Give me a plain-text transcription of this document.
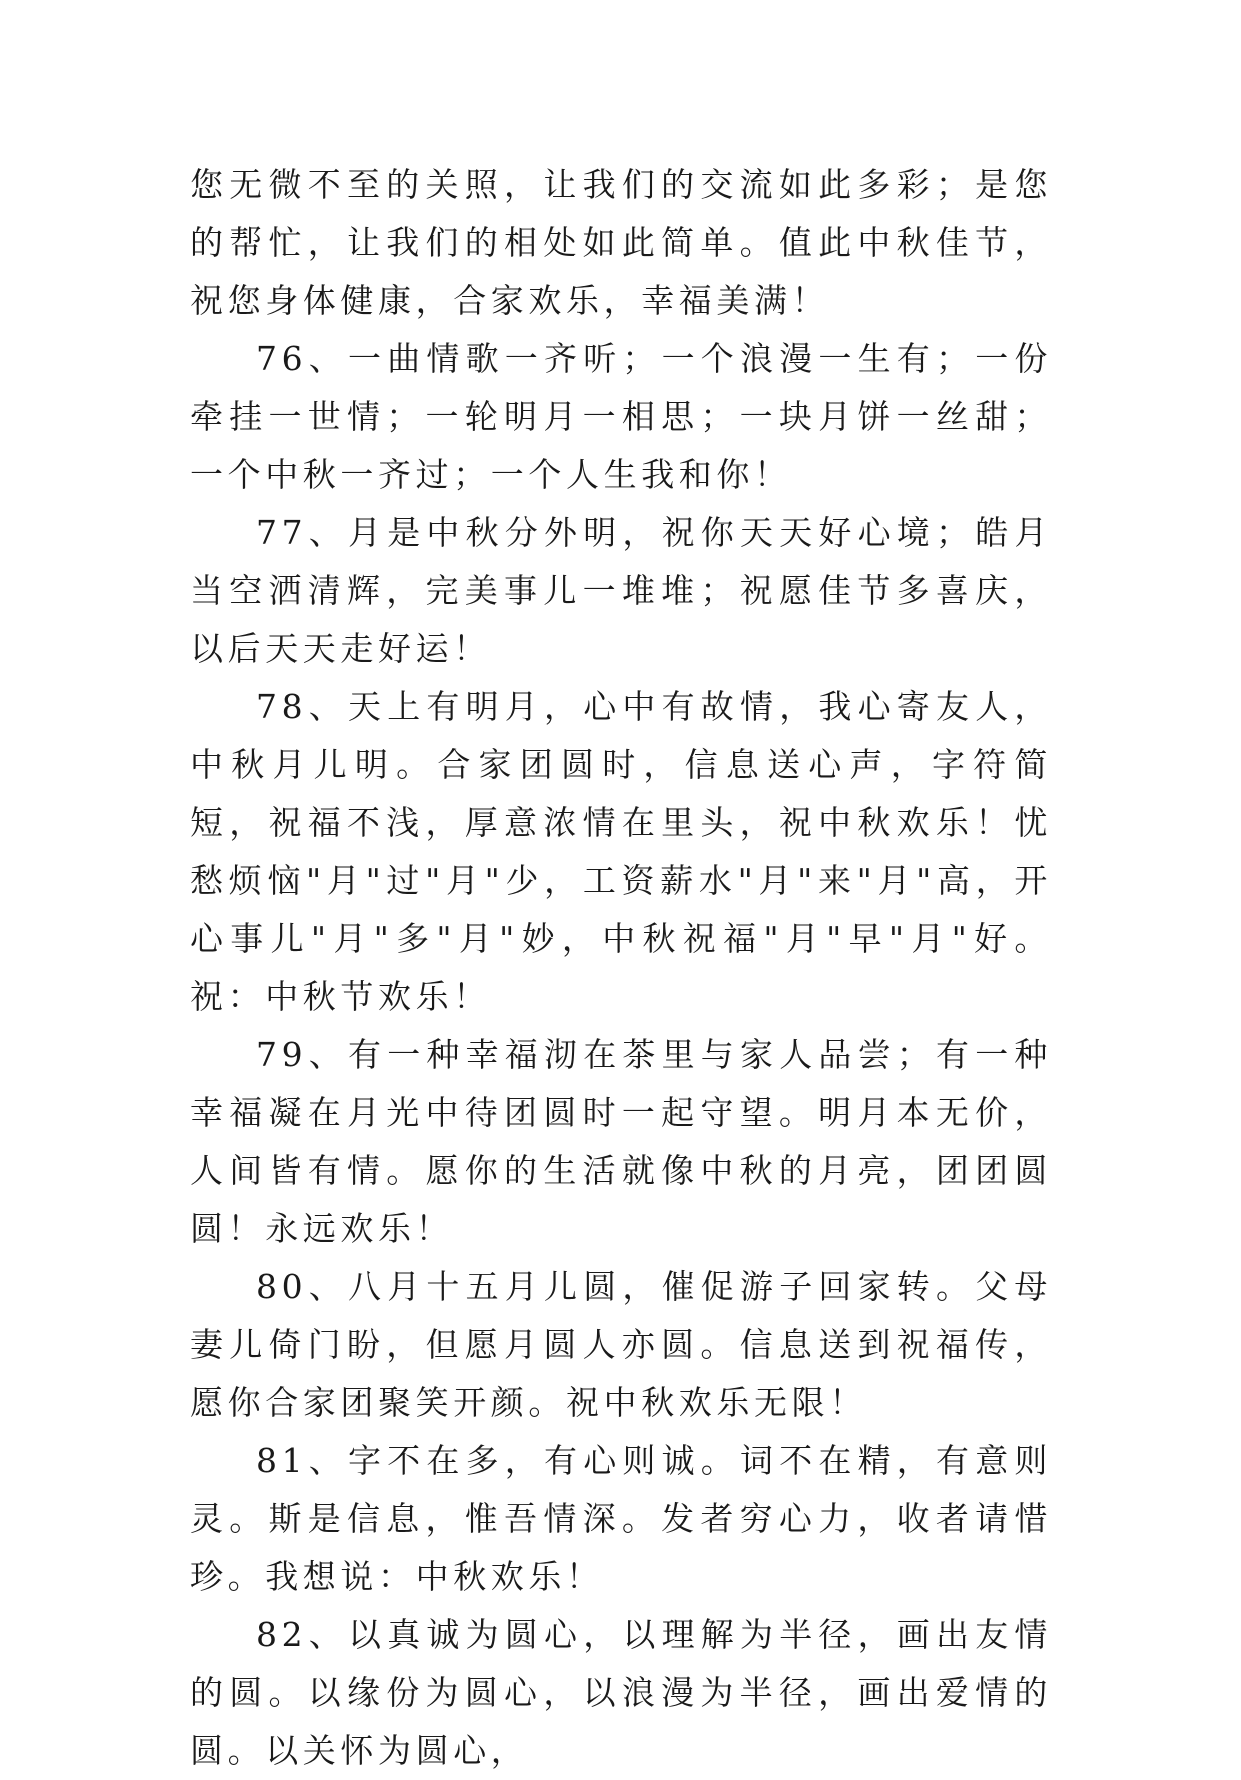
您无微不至的关照，让我们的交流如此多彩；是您的帮忙，让我们的相处如此简单。值此中秋佳节，祝您身体健康，合家欢乐，幸福美满！

76、一曲情歌一齐听；一个浪漫一生有；一份牵挂一世情；一轮明月一相思；一块月饼一丝甜；一个中秋一齐过；一个人生我和你！

77、月是中秋分外明，祝你天天好心境；皓月当空洒清辉，完美事儿一堆堆；祝愿佳节多喜庆，以后天天走好运！

78、天上有明月，心中有故情，我心寄友人，中秋月儿明。合家团圆时，信息送心声，字符简短，祝福不浅，厚意浓情在里头，祝中秋欢乐！忧愁烦恼"月"过"月"少，工资薪水"月"来"月"高，开心事儿"月"多"月"妙，中秋祝福"月"早"月"好。祝：中秋节欢乐！

79、有一种幸福沏在茶里与家人品尝；有一种幸福凝在月光中待团圆时一起守望。明月本无价，人间皆有情。愿你的生活就像中秋的月亮，团团圆圆！永远欢乐！

80、八月十五月儿圆，催促游子回家转。父母妻儿倚门盼，但愿月圆人亦圆。信息送到祝福传，愿你合家团聚笑开颜。祝中秋欢乐无限！

81、字不在多，有心则诚。词不在精，有意则灵。斯是信息，惟吾情深。发者穷心力，收者请惜珍。我想说：中秋欢乐！

82、以真诚为圆心，以理解为半径，画出友情的圆。以缘份为圆心，以浪漫为半径，画出爱情的圆。以关怀为圆心，
